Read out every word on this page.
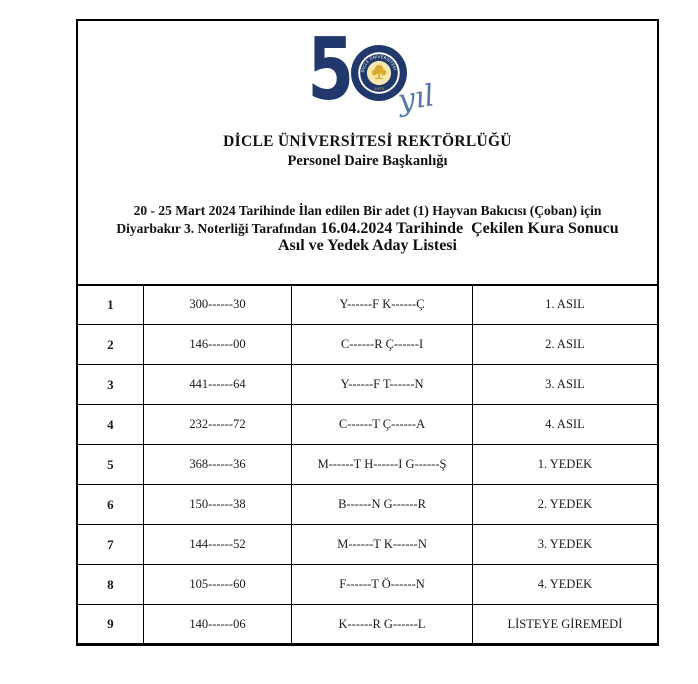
5 DİCLE ÜNİVERSİTESİ
1973 yıl
DİCLE ÜNİVERSİTESİ REKTÖRLÜĞÜ
Personel Daire Başkanlığı
20 - 25 Mart 2024 Tarihinde İlan edilen Bir adet (1) Hayvan Bakıcısı (Çoban) için
Diyarbakır 3. Noterliği Tarafından 16.04.2024 Tarihinde  Çekilen Kura Sonucu
Asıl ve Yedek Aday Listesi
1	300------30	Y------F K------Ç	1. ASIL
2	146------00	C------R Ç------I	2. ASIL
3	441------64	Y------F T------N	3. ASIL
4	232------72	C------T Ç------A	4. ASIL
5	368------36	M------T H------I G------Ş	1. YEDEK
6	150------38	B------N G------R	2. YEDEK
7	144------52	M------T K------N	3. YEDEK
8	105------60	F------T Ö------N	4. YEDEK
9	140------06	K------R G------L	LİSTEYE GİREMEDİ
